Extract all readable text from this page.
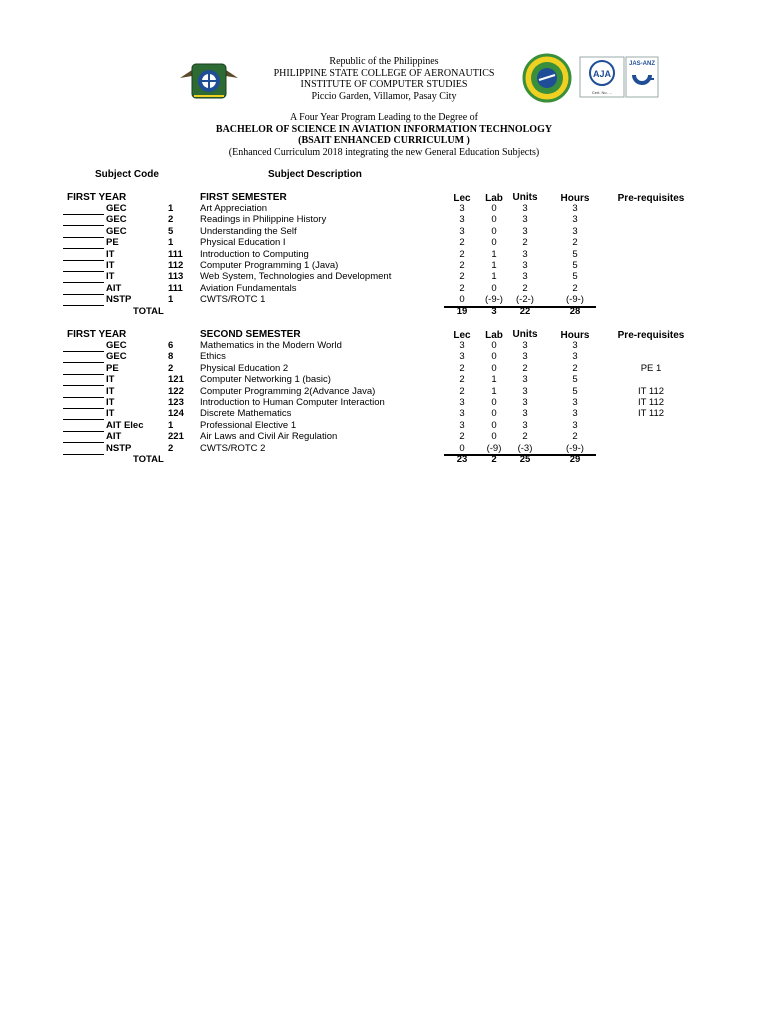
Republic of the Philippines
PHILIPPINE STATE COLLEGE OF AERONAUTICS
INSTITUTE OF COMPUTER STUDIES
Piccio Garden, Villamor, Pasay City
A Four Year Program Leading to the Degree of
BACHELOR OF SCIENCE IN AVIATION INFORMATION TECHNOLOGY
(BSAIT ENHANCED CURRICULUM )
(Enhanced Curriculum 2018 integrating the new General Education Subjects)
AJA
Cert. No. ...
JAS-ANZ
Subject Code	Subject Description
FIRST YEAR	FIRST SEMESTER	Lec	Lab Units	Hours	Pre-requisites
GEC	1	Art Appreciation	3	0	3	3
GEC	2	Readings in Philippine History	3	0	3	3
GEC	5	Understanding the Self	3	0	3	3
PE	1	Physical Education I	2	0	2	2
IT	111 Introduction to Computing	2	1	3	5
IT	112 Computer Programming 1 (Java)	2	1	3	5
IT	113 Web System, Technologies and Development	2	1	3	5
AIT	111 Aviation Fundamentals	2	0	2	2
NSTP	1	CWTS/ROTC 1	0	(-9-)	(-2-)	(-9-)
TOTAL	19	3	22	28
FIRST YEAR	SECOND SEMESTER	Lec	Lab Units	Hours	Pre-requisites
GEC	6	Mathematics in the Modern World	3	0	3	3
GEC	8	Ethics	3	0	3	3
PE	2	Physical Education 2	2	0	2	2	PE 1
IT	121 Computer Networking 1 (basic)	2	1	3	5
IT	122 Computer Programming 2(Advance Java)	2	1	3	5	IT 112
IT	123 Introduction to Human Computer Interaction	3	0	3	3	IT 112
IT	124 Discrete Mathematics	3	0	3	3	IT 112
AIT Elec	1	Professional Elective 1	3	0	3	3
AIT	221 Air Laws and Civil Air Regulation	2	0	2	2
NSTP	2	CWTS/ROTC 2	0	(-9)	(-3)	(-9-)
TOTAL	23	2	25	29
